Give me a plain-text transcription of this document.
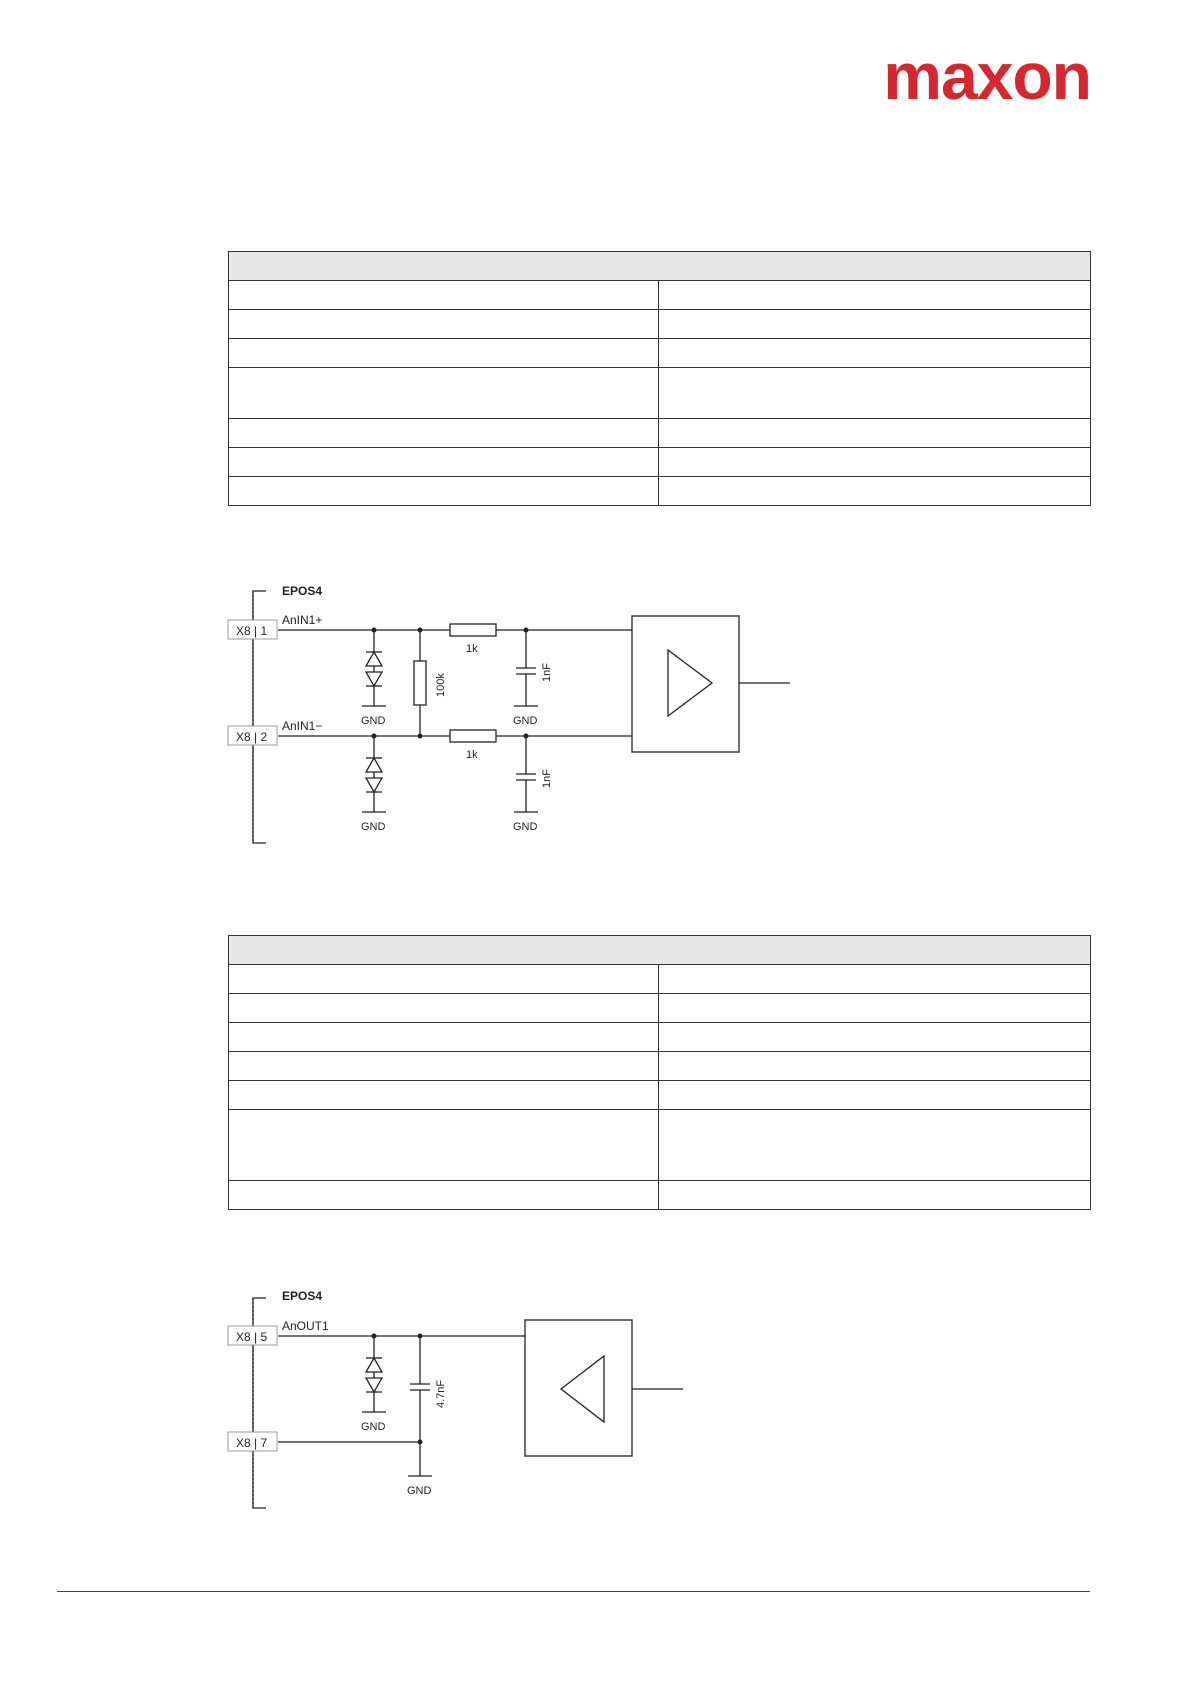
maxon

X8 | 1
X8 | 2
EPOS4
AnIN1+
AnIN1−
1k
1k
100k
1nF
1nF
GND	GND
GND	GND

X8 | 5
X8 | 7
EPOS4
AnOUT1
4.7nF
GND
GND
